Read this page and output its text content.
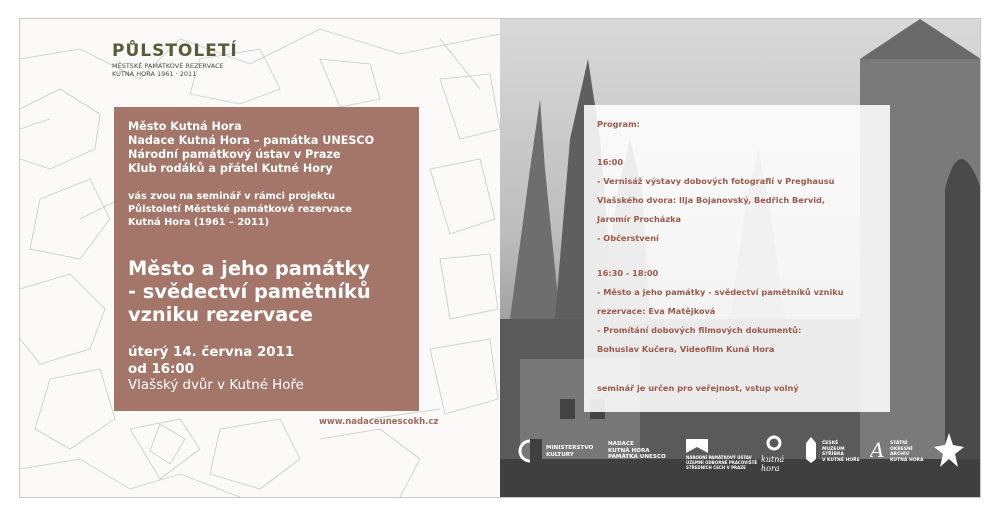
PŮLSTOLETÍ
MĚSTSKÉ PAMÁTKOVÉ REZERVACE
KUTNÁ HORA 1961 · 2011
Město Kutná Hora
Nadace Kutná Hora – památka UNESCO
Národní památkový ústav v Praze
Klub rodáků a přátel Kutné Hory
vás zvou na seminář v rámci projektu
Půlstoletí Městské památkové rezervace
Kutná Hora (1961 – 2011)
Město a jeho památky
- svědectví pamětníků
vzniku rezervace
úterý 14. června 2011
od 16:00
Vlašský dvůr v Kutné Hoře
www.nadaceunescokh.cz
Program:
16:00
- Vernisáž výstavy dobových fotografií v Preghausu
Vlašského dvora: Ilja Bojanovský, Bedřich Bervid,
Jaromír Procházka
- Občerstvení
16:30 - 18:00
- Město a jeho památky - svědectví pamětníků vzniku
rezervace: Eva Matějková
- Promítání dobových filmových dokumentů:
Bohuslav Kučera, Videofilm Kuná Hora
seminář je určen pro veřejnost, vstup volný
MINISTERSTVO
KULTURY
NADACE
KUTNÁ HORA
PAMÁTKA UNESCO	NÁRODNÍ PAMÁTKOVÝ ÚSTAV
ÚZEMNÍ ODBORNÉ PRACOVIŠTĚ
STŘEDNÍCH ČECH V PRAZE
kutná
hora
ČESKÉ
MUZEUM
STŘÍBRA
V KUTNÉ HOŘE A STÁTNÍ
OKRESNÍ
ARCHIV
KUTNÁ HORA
